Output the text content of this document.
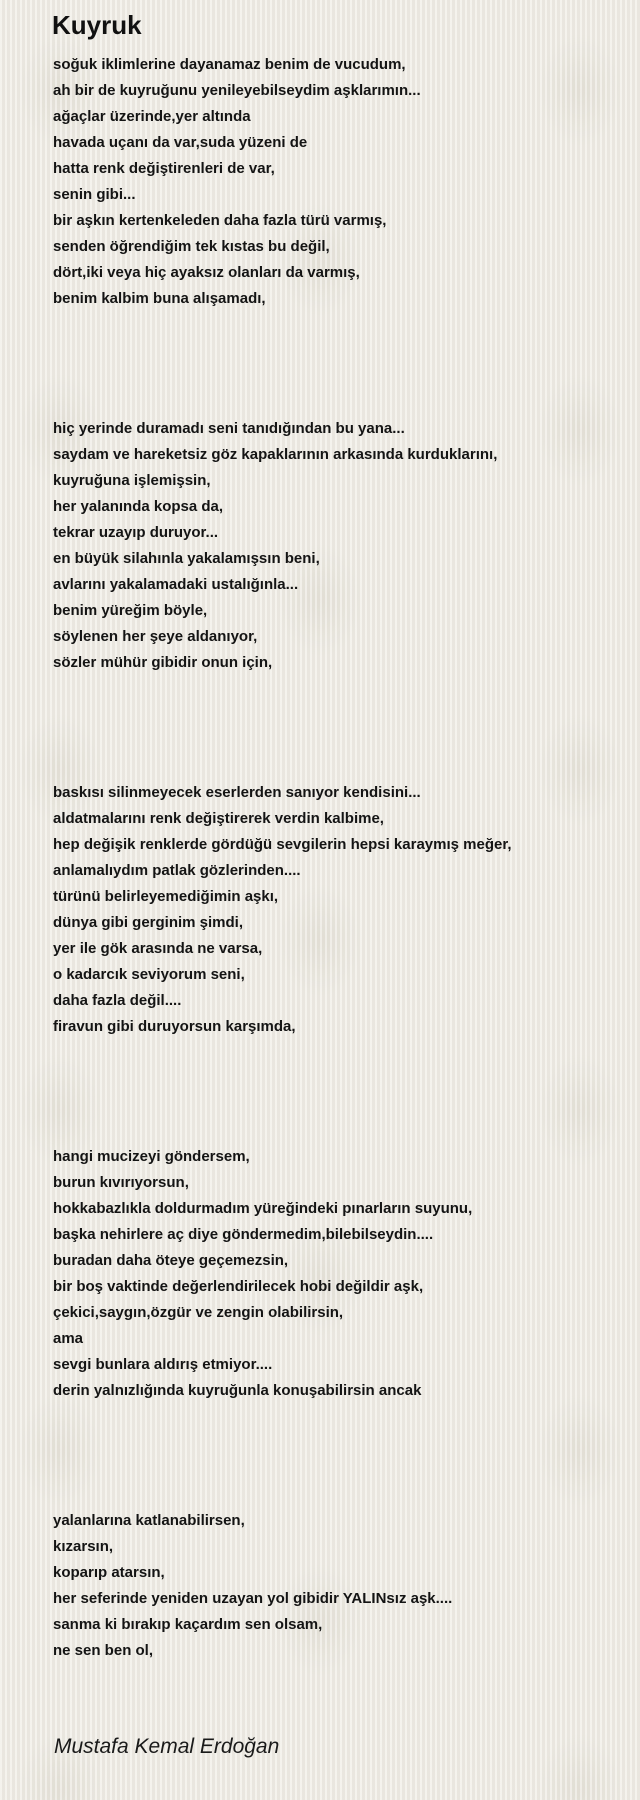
Kuyruk
soğuk iklimlerine dayanamaz benim de vucudum,
ah bir de kuyruğunu yenileyebilseydim aşklarımın...
ağaçlar üzerinde,yer altında
havada uçanı da var,suda yüzeni de
hatta renk değiştirenleri de var,
senin gibi...
bir aşkın kertenkeleden daha fazla türü varmış,
senden öğrendiğim tek kıstas bu değil,
dört,iki veya hiç ayaksız olanları da varmış,
benim kalbim buna alışamadı,
hiç yerinde duramadı seni tanıdığından bu yana...
saydam ve hareketsiz göz kapaklarının arkasında kurduklarını,
kuyruğuna işlemişsin,
her yalanında kopsa da,
tekrar uzayıp duruyor...
en büyük silahınla yakalamışsın beni,
avlarını yakalamadaki ustalığınla...
benim yüreğim böyle,
söylenen her şeye aldanıyor,
sözler mühür gibidir onun için,
baskısı silinmeyecek eserlerden sanıyor kendisini...
aldatmalarını renk değiştirerek verdin kalbime,
hep değişik renklerde gördüğü sevgilerin hepsi karaymış meğer,
anlamalıydım patlak gözlerinden....
türünü belirleyemediğimin aşkı,
dünya gibi gerginim şimdi,
yer ile gök arasında ne varsa,
o kadarcık seviyorum seni,
daha fazla değil....
firavun gibi duruyorsun karşımda,
hangi mucizeyi göndersem,
burun kıvırıyorsun,
hokkabazlıkla doldurmadım yüreğindeki pınarların suyunu,
başka nehirlere aç diye göndermedim,bilebilseydin....
buradan daha öteye geçemezsin,
bir boş vaktinde değerlendirilecek hobi değildir aşk,
çekici,saygın,özgür ve zengin olabilirsin,
ama
sevgi bunlara aldırış etmiyor....
derin yalnızlığında kuyruğunla konuşabilirsin ancak
yalanlarına katlanabilirsen,
kızarsın,
koparıp atarsın,
her seferinde yeniden uzayan yol gibidir YALINsız aşk....
sanma ki bırakıp kaçardım sen olsam,
ne sen ben ol,
Mustafa Kemal Erdoğan
